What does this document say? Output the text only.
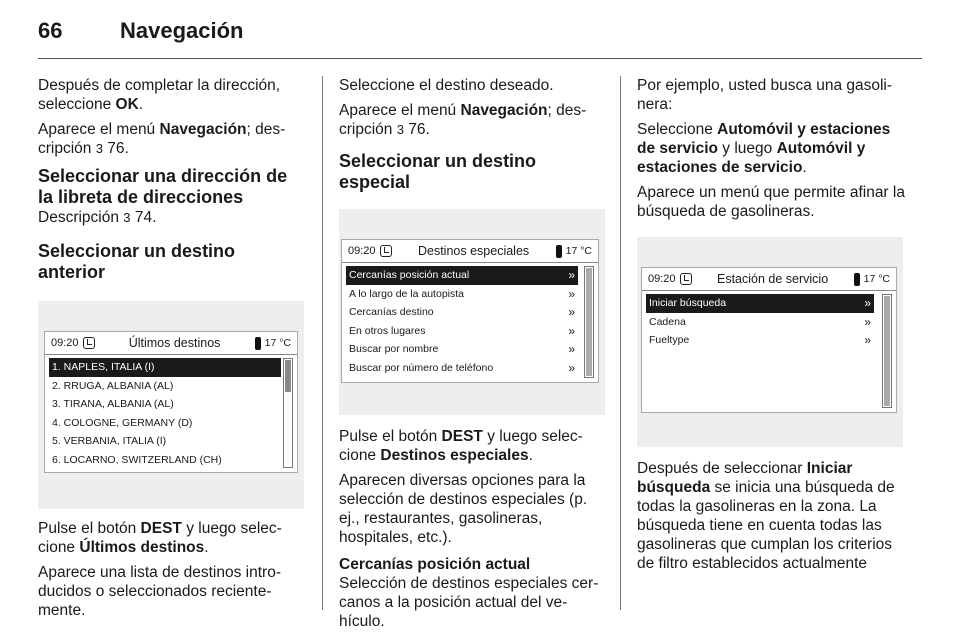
66	Navegación

Después de completar la dirección, seleccione OK.

Aparece el menú Navegación; descripción 3 76.

Seleccionar una dirección de la libreta de direcciones

Descripción 3 74.

Seleccionar un destino anterior
09:20	Últimos destinos	17 °C
1. NAPLES, ITALIA (I)
2. RRUGA, ALBANIA (AL)
3. TIRANA, ALBANIA (AL)
4. COLOGNE, GERMANY (D)
5. VERBANIA, ITALIA (I)
6. LOCARNO, SWITZERLAND (CH)

Pulse el botón DEST y luego seleccione Últimos destinos.

Aparece una lista de destinos introducidos o seleccionados recientemente.

Seleccione el destino deseado.

Aparece el menú Navegación; descripción 3 76.

Seleccionar un destino especial
09:20	Destinos especiales	17 °C
Cercanías posición actual	»
A lo largo de la autopista	»
Cercanías destino	»
En otros lugares	»
Buscar por nombre	»
Buscar por número de teléfono	»

Pulse el botón DEST y luego seleccione Destinos especiales.

Aparecen diversas opciones para la selección de destinos especiales (p. ej., restaurantes, gasolineras, hospitales, etc.).

Cercanías posición actual

Selección de destinos especiales cercanos a la posición actual del vehículo.

Por ejemplo, usted busca una gasolinera:

Seleccione Automóvil y estaciones de servicio y luego Automóvil y estaciones de servicio.

Aparece un menú que permite afinar la búsqueda de gasolineras.

09:20	Estación de servicio	17 °C
Iniciar búsqueda	»
Cadena	»
Fueltype	»

Después de seleccionar Iniciar búsqueda se inicia una búsqueda de todas la gasolineras en la zona. La búsqueda tiene en cuenta todas las gasolineras que cumplan los criterios de filtro establecidos actualmente
